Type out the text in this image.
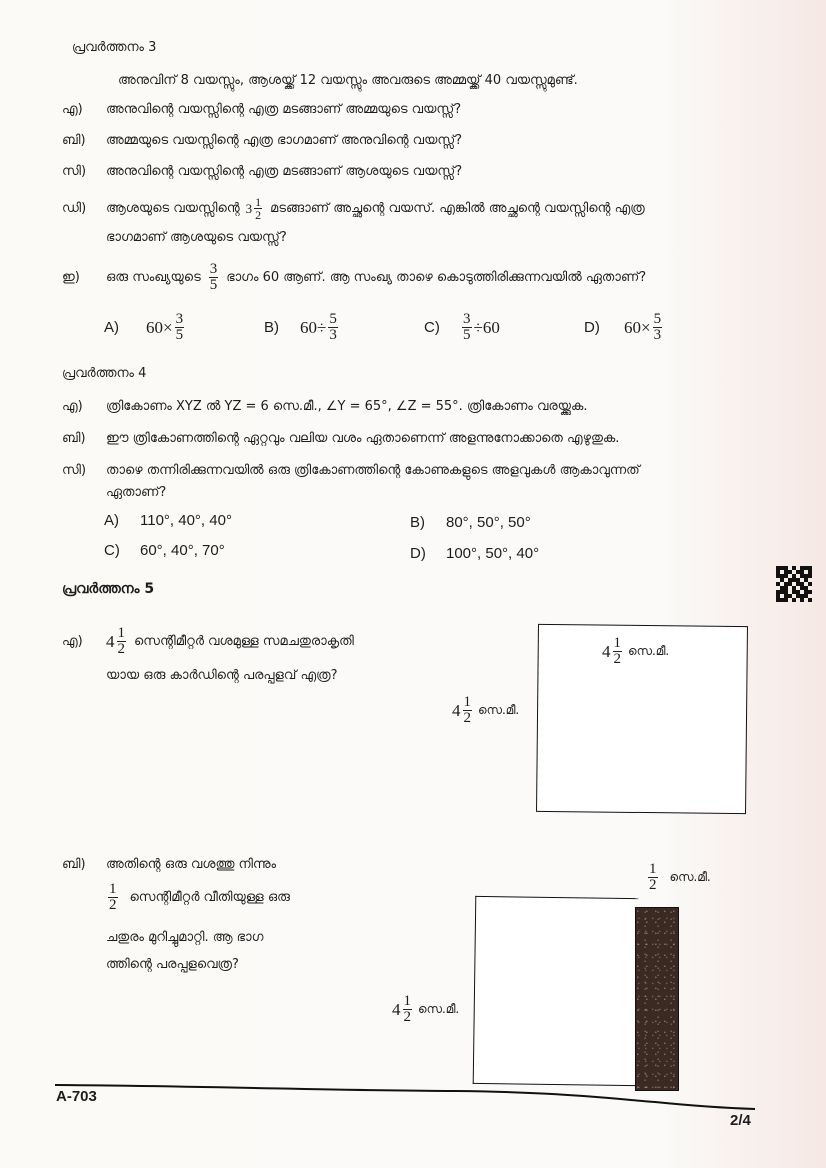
പ്രവർത്തനം 3
അനുവിന് 8 വയസ്സും, ആശയ്ക്ക് 12 വയസ്സും അവരുടെ അമ്മയ്ക്ക് 40 വയസ്സുമുണ്ട്.
എ) അനുവിന്റെ വയസ്സിന്റെ എത്ര മടങ്ങാണ് അമ്മയുടെ വയസ്സ്?
ബി) അമ്മയുടെ വയസ്സിന്റെ എത്ര ഭാഗമാണ് അനുവിന്റെ വയസ്സ്?
സി) അനുവിന്റെ വയസ്സിന്റെ എത്ര മടങ്ങാണ് ആശയുടെ വയസ്സ്?
ഡി)	ആശയുടെ വയസ്സിന്റെ $3 \frac{1}{2}$ മടങ്ങാണ് അച്ഛന്റെ വയസ്. എങ്കിൽ അച്ഛന്റെ വയസ്സിന്റെ എത്ര
ഭാഗമാണ് ആശയുടെ വയസ്സ്?
ഇ)	ഒരു സംഖ്യയുടെ $\frac{3}{5}$ ഭാഗം 60 ആണ്. ആ സംഖ്യ താഴെ കൊടുത്തിരിക്കുന്നവയിൽ ഏതാണ്?
A)	$60\times \frac{3}{5}$	B)	$60\div \frac{5}{3}$	C)	$\frac{3}{5} \div 60$	D)	$60\times \frac{5}{3}$
പ്രവർത്തനം 4
എ) ത്രികോണം XYZ ൽ YZ = 6 സെ.മീ., ∠Y = 65°, ∠Z = 55°. ത്രികോണം വരയ്ക്കുക.
ബി) ഈ ത്രികോണത്തിന്റെ ഏറ്റവും വലിയ വശം ഏതാണെന്ന് അളന്നുനോക്കാതെ എഴുതുക.
സി) താഴെ തന്നിരിക്കുന്നവയിൽ ഒരു ത്രികോണത്തിന്റെ കോണുകളുടെ അളവുകൾ ആകാവുന്നത്
ഏതാണ്?
A) 110°, 40°, 40°	B) 80°, 50°, 50°
C) 60°, 40°, 70°	D) 100°, 50°, 40°
പ്രവർത്തനം 5
എ)	$4 \frac{1}{2}$ സെന്റിമീറ്റർ വശമുള്ള സമചതുരാകൃതി
യായ ഒരു കാർഡിന്റെ പരപ്പളവ് എത്ര?
$4 \frac{1}{2}$ സെ.മീ.
$4 \frac{1}{2}$ സെ.മീ.
ബി) അതിന്റെ ഒരു വശത്തു നിന്നും
$\frac{1}{2}$ സെന്റിമീറ്റർ വീതിയുള്ള ഒരു
ചതുരം മുറിച്ചുമാറ്റി. ആ ഭാഗ
ത്തിന്റെ പരപ്പളവെത്ര?
$\frac{1}{2}$ സെ.മീ.
$4 \frac{1}{2}$ സെ.മീ.
A-703
2/4
